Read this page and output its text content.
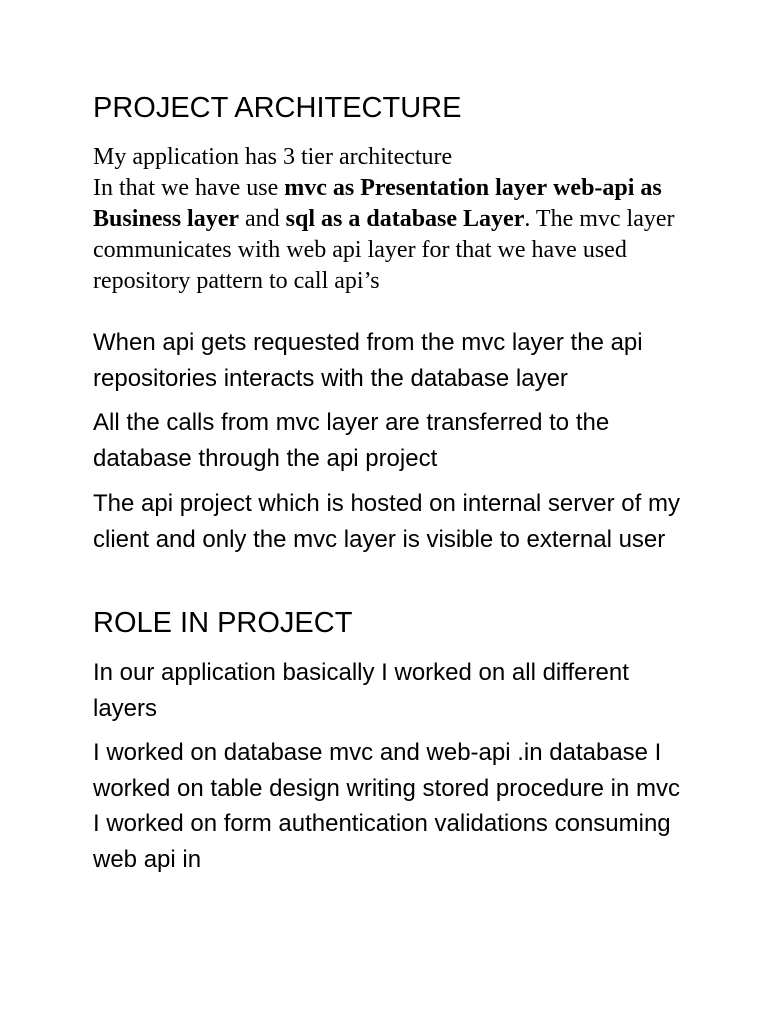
PROJECT ARCHITECTURE

My application has 3 tier architecture
In that we have use mvc as Presentation layer web-api as Business layer and sql as a database Layer. The mvc layer communicates with web api layer for that we have used repository pattern to call api’s

When api gets requested from the mvc layer the api repositories interacts with the database layer

All the calls from mvc layer are transferred to the database through the api project

The api project which is hosted on internal server of my client and only the mvc layer is visible to external user

ROLE IN PROJECT

In our application basically I worked on all different layers

I worked on database mvc and web-api .in database I worked on table design writing stored procedure in mvc I worked on form authentication validations consuming web api in
